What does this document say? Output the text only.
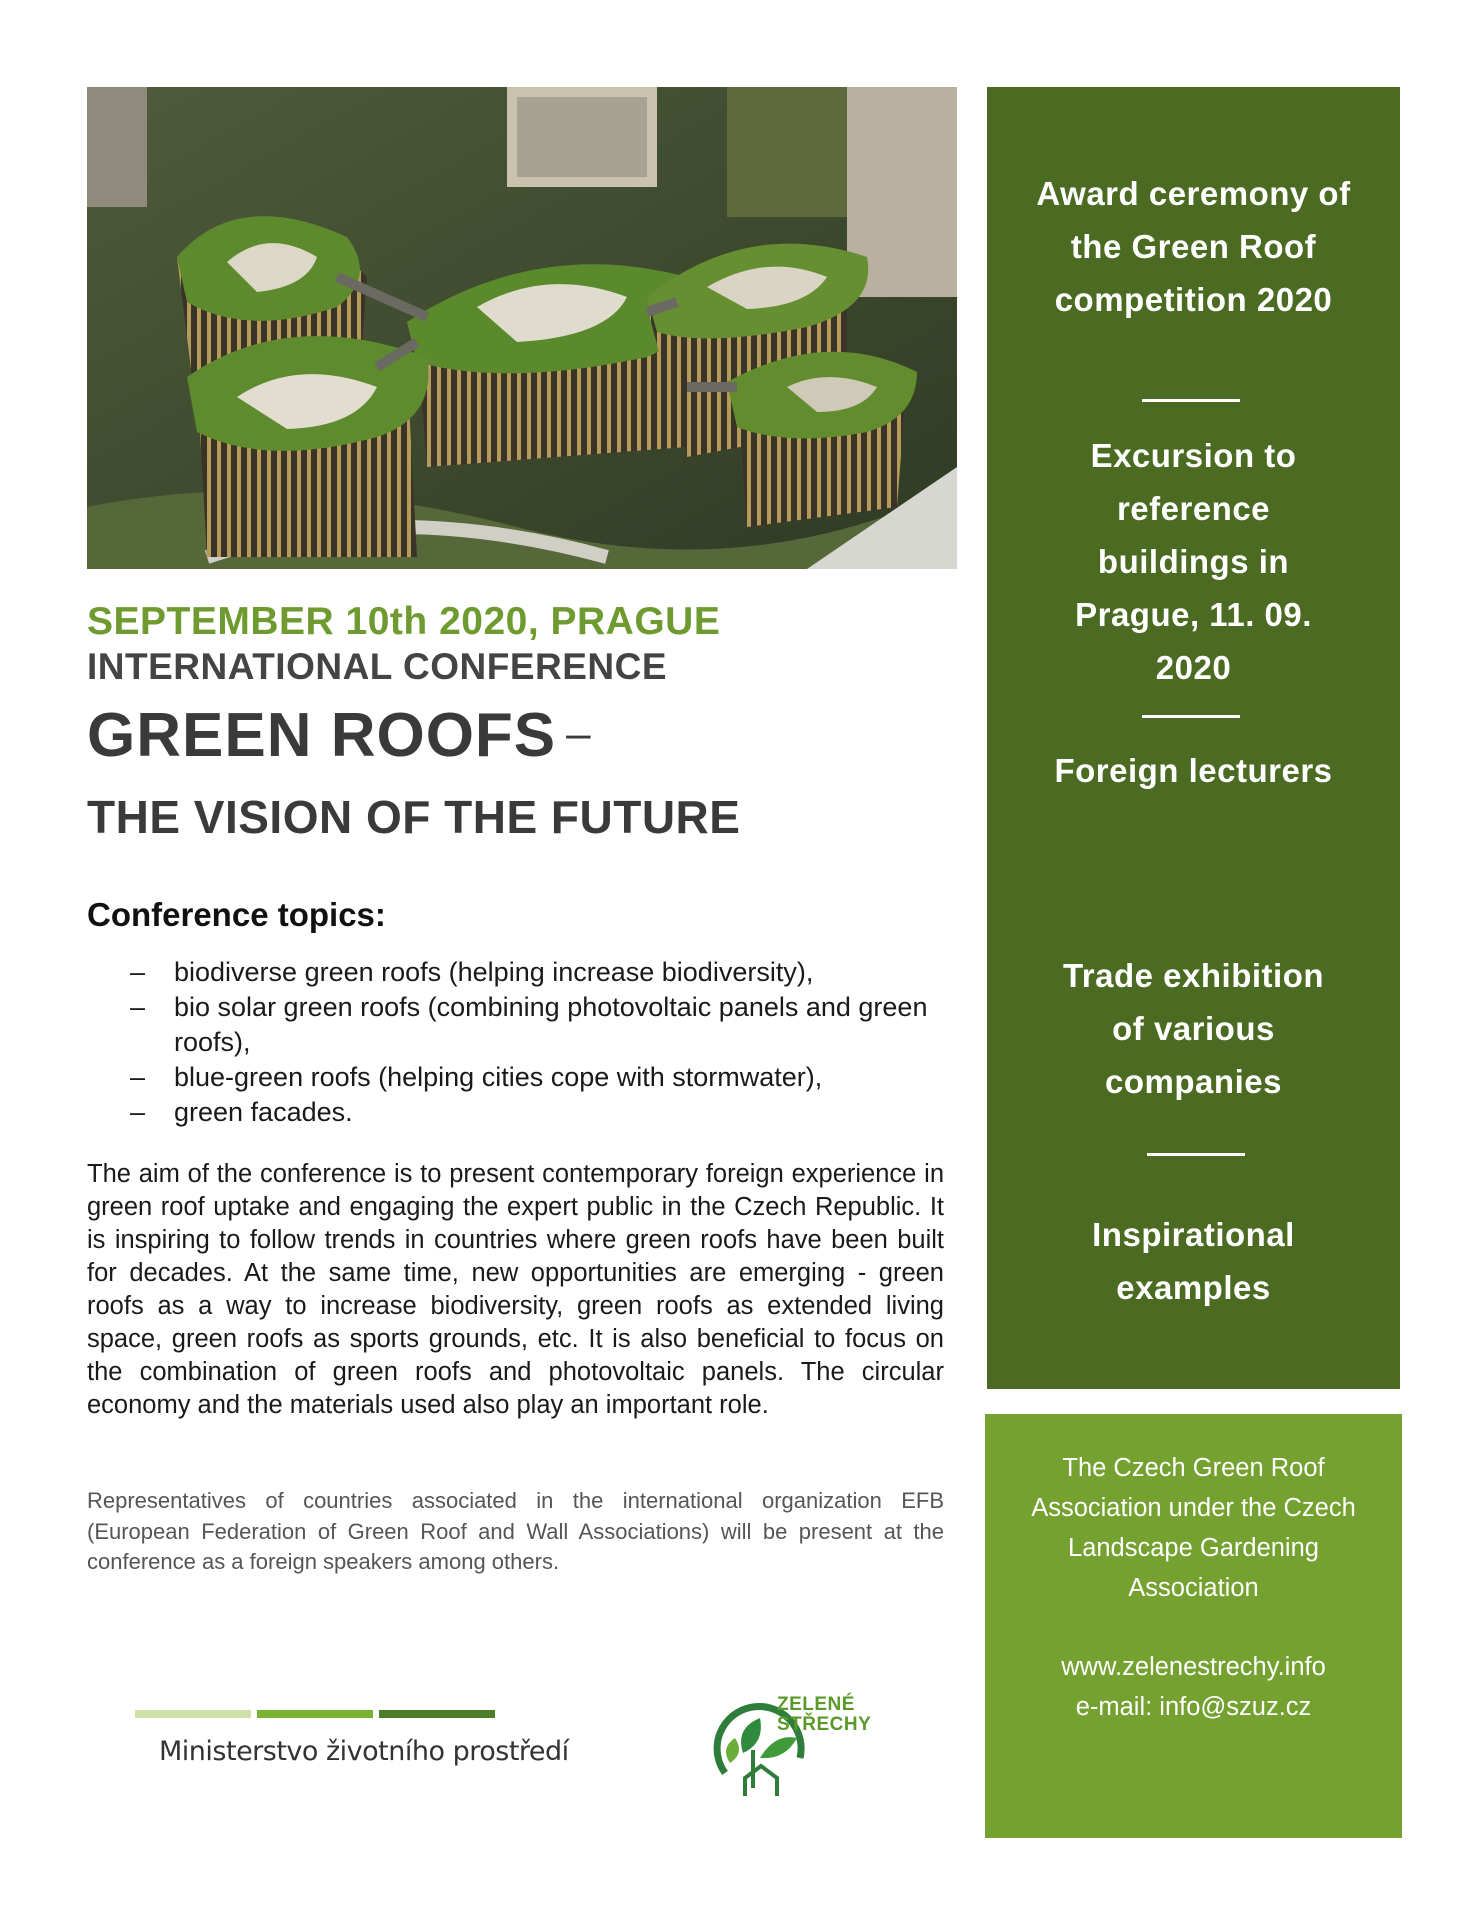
SEPTEMBER 10th 2020, PRAGUE
INTERNATIONAL CONFERENCE
GREEN ROOFS –
THE VISION OF THE FUTURE
Conference topics:
– biodiverse green roofs (helping increase biodiversity),
– bio solar green roofs (combining photovoltaic panels and green roofs),
– blue-green roofs (helping cities cope with stormwater),
– green facades.

The aim of the conference is to present contemporary foreign experience in green roof uptake and engaging the expert public in the Czech Republic. It is inspiring to follow trends in countries where green roofs have been built for decades. At the same time, new opportunities are emerging - green roofs as a way to increase biodiversity, green roofs as extended living space, green roofs as sports grounds, etc. It is also beneficial to focus on the combination of green roofs and photovoltaic panels. The circular economy and the materials used also play an important role.

Representatives of countries associated in the international organization EFB (European Federation of Green Roof and Wall Associations) will be present at the conference as a foreign speakers among others.

Ministerstvo životního prostředí
ZELENÉ
STŘECHY
Award ceremony of the Green Roof competition 2020
Excursion to reference buildings in Prague, 11. 09. 2020
Foreign lecturers
Trade exhibition of various companies
Inspirational examples
The Czech Green Roof Association under the Czech Landscape Gardening Association
www.zelenestrechy.info
e-mail: info@szuz.cz
